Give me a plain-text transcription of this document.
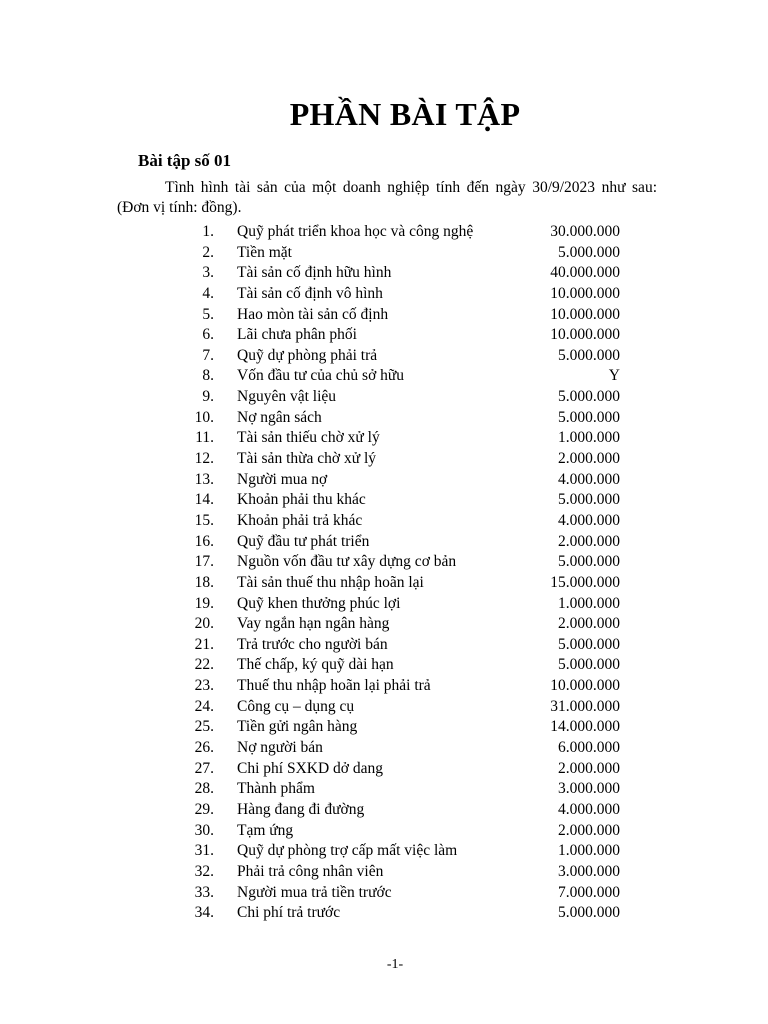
PHẦN BÀI TẬP
Bài tập số 01
Tình hình tài sản của một doanh nghiệp tính đến ngày 30/9/2023 như sau: (Đơn vị tính: đồng).
1. Quỹ phát triển khoa học và công nghệ	30.000.000
2. Tiền mặt	5.000.000
3. Tài sản cố định hữu hình	40.000.000
4. Tài sản cố định vô hình	10.000.000
5. Hao mòn tài sản cố định	10.000.000
6. Lãi chưa phân phối	10.000.000
7. Quỹ dự phòng phải trả	5.000.000
8. Vốn đầu tư của chủ sở hữu	Y
9. Nguyên vật liệu	5.000.000
10. Nợ ngân sách	5.000.000
11. Tài sản thiếu chờ xử lý	1.000.000
12. Tài sản thừa chờ xử lý	2.000.000
13. Người mua nợ	4.000.000
14. Khoản phải thu khác	5.000.000
15. Khoản phải trả khác	4.000.000
16. Quỹ đầu tư phát triển	2.000.000
17. Nguồn vốn đầu tư xây dựng cơ bản	5.000.000
18. Tài sản thuế thu nhập hoãn lại	15.000.000
19. Quỹ khen thưởng phúc lợi	1.000.000
20. Vay ngắn hạn ngân hàng	2.000.000
21. Trả trước cho người bán	5.000.000
22. Thế chấp, ký quỹ dài hạn	5.000.000
23. Thuế thu nhập hoãn lại phải trả	10.000.000
24. Công cụ – dụng cụ	31.000.000
25. Tiền gửi ngân hàng	14.000.000
26. Nợ người bán	6.000.000
27. Chi phí SXKD dở dang	2.000.000
28. Thành phẩm	3.000.000
29. Hàng đang đi đường	4.000.000
30. Tạm ứng	2.000.000
31. Quỹ dự phòng trợ cấp mất việc làm	1.000.000
32. Phải trả công nhân viên	3.000.000
33. Người mua trả tiền trước	7.000.000
34. Chi phí trả trước	5.000.000
-1-
